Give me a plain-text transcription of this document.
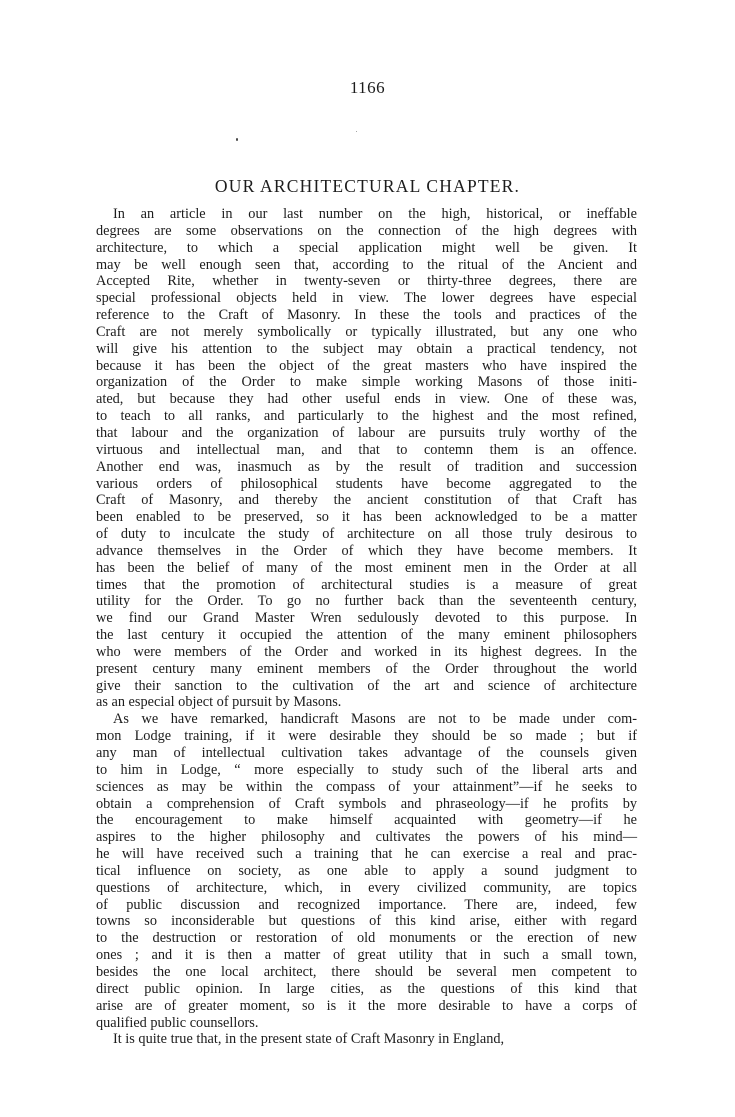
1166
OUR ARCHITECTURAL CHAPTER.
In an article in our last number on the high, historical, or ineffable
degrees are some observations on the connection of the high degrees with
architecture, to which a special application might well be given. It
may be well enough seen that, according to the ritual of the Ancient and
Accepted Rite, whether in twenty-seven or thirty-three degrees, there are
special professional objects held in view. The lower degrees have especial
reference to the Craft of Masonry. In these the tools and practices of the
Craft are not merely symbolically or typically illustrated, but any one who
will give his attention to the subject may obtain a practical tendency, not
because it has been the object of the great masters who have inspired the
organization of the Order to make simple working Masons of those initi-
ated, but because they had other useful ends in view. One of these was,
to teach to all ranks, and particularly to the highest and the most refined,
that labour and the organization of labour are pursuits truly worthy of the
virtuous and intellectual man, and that to contemn them is an offence.
Another end was, inasmuch as by the result of tradition and succession
various orders of philosophical students have become aggregated to the
Craft of Masonry, and thereby the ancient constitution of that Craft has
been enabled to be preserved, so it has been acknowledged to be a matter
of duty to inculcate the study of architecture on all those truly desirous to
advance themselves in the Order of which they have become members. It
has been the belief of many of the most eminent men in the Order at all
times that the promotion of architectural studies is a measure of great
utility for the Order. To go no further back than the seventeenth century,
we find our Grand Master Wren sedulously devoted to this purpose. In
the last century it occupied the attention of the many eminent philosophers
who were members of the Order and worked in its highest degrees. In the
present century many eminent members of the Order throughout the world
give their sanction to the cultivation of the art and science of architecture
as an especial object of pursuit by Masons.
As we have remarked, handicraft Masons are not to be made under com-
mon Lodge training, if it were desirable they should be so made ; but if
any man of intellectual cultivation takes advantage of the counsels given
to him in Lodge, “ more especially to study such of the liberal arts and
sciences as may be within the compass of your attainment”—if he seeks to
obtain a comprehension of Craft symbols and phraseology—if he profits by
the encouragement to make himself acquainted with geometry—if he
aspires to the higher philosophy and cultivates the powers of his mind—
he will have received such a training that he can exercise a real and prac-
tical influence on society, as one able to apply a sound judgment to
questions of architecture, which, in every civilized community, are topics
of public discussion and recognized importance. There are, indeed, few
towns so inconsiderable but questions of this kind arise, either with regard
to the destruction or restoration of old monuments or the erection of new
ones ; and it is then a matter of great utility that in such a small town,
besides the one local architect, there should be several men competent to
direct public opinion. In large cities, as the questions of this kind that
arise are of greater moment, so is it the more desirable to have a corps of
qualified public counsellors.
It is quite true that, in the present state of Craft Masonry in England,
